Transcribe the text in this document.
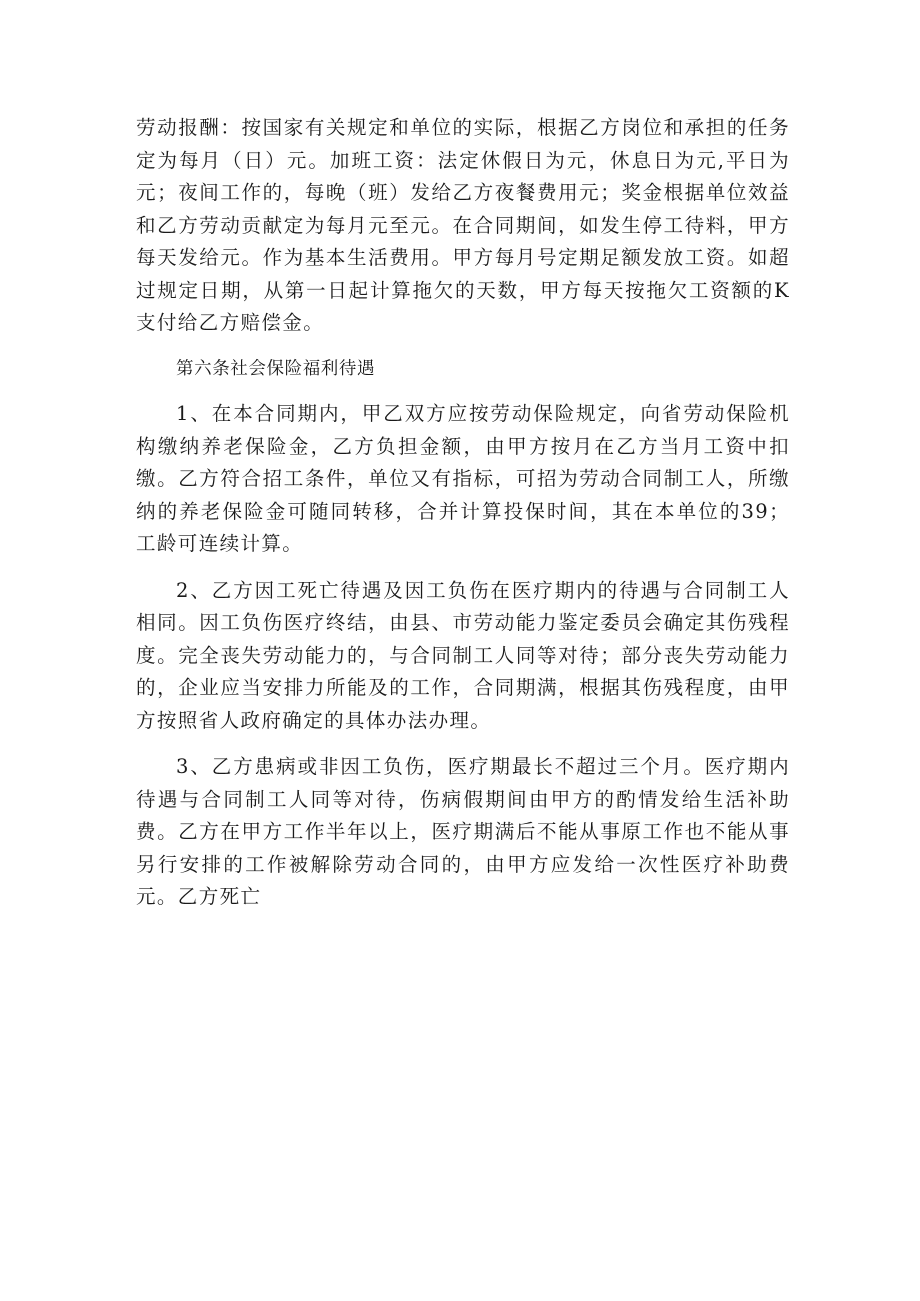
劳动报酬：按国家有关规定和单位的实际，根据乙方岗位和承担的任务定为每月（日）元。加班工资：法定休假日为元，休息日为元,平日为元；夜间工作的，每晚（班）发给乙方夜餐费用元；奖金根据单位效益和乙方劳动贡献定为每月元至元。在合同期间，如发生停工待料，甲方每天发给元。作为基本生活费用。甲方每月号定期足额发放工资。如超过规定日期，从第一日起计算拖欠的天数，甲方每天按拖欠工资额的K支付给乙方赔偿金。

第六条社会保险福利待遇

1、在本合同期内，甲乙双方应按劳动保险规定，向省劳动保险机构缴纳养老保险金，乙方负担金额，由甲方按月在乙方当月工资中扣缴。乙方符合招工条件，单位又有指标，可招为劳动合同制工人，所缴纳的养老保险金可随同转移，合并计算投保时间，其在本单位的39；工龄可连续计算。

2、乙方因工死亡待遇及因工负伤在医疗期内的待遇与合同制工人相同。因工负伤医疗终结，由县、市劳动能力鉴定委员会确定其伤残程度。完全丧失劳动能力的，与合同制工人同等对待；部分丧失劳动能力的，企业应当安排力所能及的工作，合同期满，根据其伤残程度，由甲方按照省人政府确定的具体办法办理。

3、乙方患病或非因工负伤，医疗期最长不超过三个月。医疗期内待遇与合同制工人同等对待，伤病假期间由甲方的酌情发给生活补助费。乙方在甲方工作半年以上，医疗期满后不能从事原工作也不能从事另行安排的工作被解除劳动合同的，由甲方应发给一次性医疗补助费元。乙方死亡
